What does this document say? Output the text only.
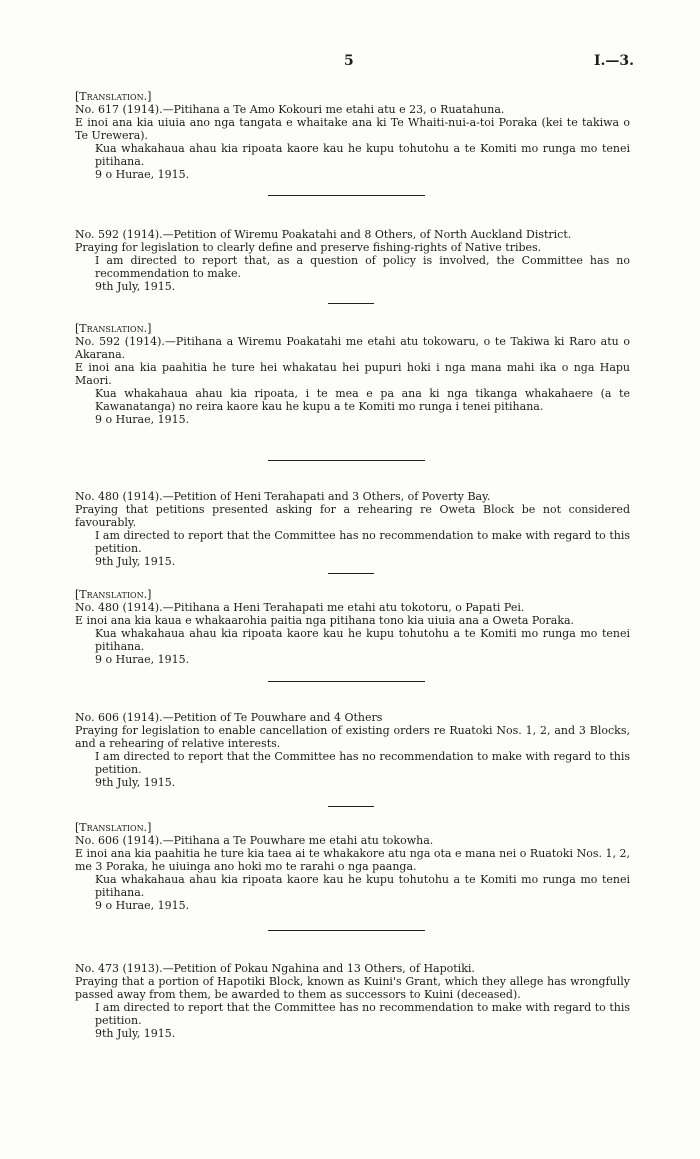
5	I.—3.

[Translation.]

No. 617 (1914).—Pitihana a Te Amo Kokouri me etahi atu e 23, o Ruatahuna.

E inoi ana kia uiuia ano nga tangata e whaitake ana ki Te Whaiti-nui-a-toi Poraka (kei te takiwa o Te Urewera).

Kua whakahaua ahau kia ripoata kaore kau he kupu tohutohu a te Komiti mo runga mo tenei pitihana.

9 o Hurae, 1915.

No. 592 (1914).—Petition of Wiremu Poakatahi and 8 Others, of North Auckland District.

Praying for legislation to clearly define and preserve fishing-rights of Native tribes.

I am directed to report that, as a question of policy is involved, the Committee has no recommendation to make.

9th July, 1915.

[Translation.]

No. 592 (1914).—Pitihana a Wiremu Poakatahi me etahi atu tokowaru, o te Takiwa ki Raro atu o Akarana.

E inoi ana kia paahitia he ture hei whakatau hei pupuri hoki i nga mana mahi ika o nga Hapu Maori.

Kua whakahaua ahau kia ripoata, i te mea e pa ana ki nga tikanga whakahaere (a te Kawanatanga) no reira kaore kau he kupu a te Komiti mo runga i tenei pitihana.

9 o Hurae, 1915.

No. 480 (1914).—Petition of Heni Terahapati and 3 Others, of Poverty Bay.

Praying that petitions presented asking for a rehearing re Oweta Block be not considered favourably.

I am directed to report that the Committee has no recommendation to make with regard to this petition.

9th July, 1915.

[Translation.]

No. 480 (1914).—Pitihana a Heni Terahapati me etahi atu tokotoru, o Papati Pei.

E inoi ana kia kaua e whakaarohia paitia nga pitihana tono kia uiuia ana a Oweta Poraka.

Kua whakahaua ahau kia ripoata kaore kau he kupu tohutohu a te Komiti mo runga mo tenei pitihana.

9 o Hurae, 1915.

No. 606 (1914).—Petition of Te Pouwhare and 4 Others

Praying for legislation to enable cancellation of existing orders re Ruatoki Nos. 1, 2, and 3 Blocks, and a rehearing of relative interests.

I am directed to report that the Committee has no recommendation to make with regard to this petition.

9th July, 1915.

[Translation.]

No. 606 (1914).—Pitihana a Te Pouwhare me etahi atu tokowha.

E inoi ana kia paahitia he ture kia taea ai te whakakore atu nga ota e mana nei o Ruatoki Nos. 1, 2, me 3 Poraka, he uiuinga ano hoki mo te rarahi o nga paanga.

Kua whakahaua ahau kia ripoata kaore kau he kupu tohutohu a te Komiti mo runga mo tenei pitihana.

9 o Hurae, 1915.

No. 473 (1913).—Petition of Pokau Ngahina and 13 Others, of Hapotiki.

Praying that a portion of Hapotiki Block, known as Kuini's Grant, which they allege has wrongfully passed away from them, be awarded to them as successors to Kuini (deceased).

I am directed to report that the Committee has no recommendation to make with regard to this petition.

9th July, 1915.
